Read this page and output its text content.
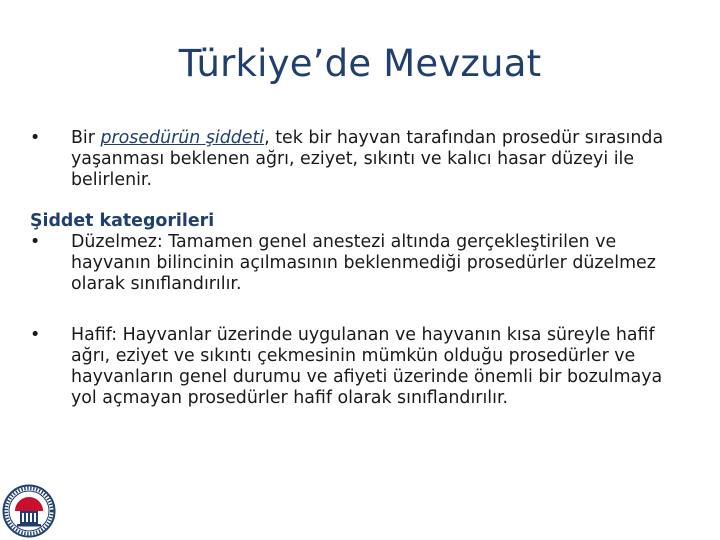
Türkiye’de Mevzuat
•	Bir prosedürün şiddeti, tek bir hayvan tarafından prosedür sırasında yaşanması beklenen ağrı, eziyet, sıkıntı ve kalıcı hasar düzeyi ile belirlenir.
Şiddet kategorileri
•	Düzelmez: Tamamen genel anestezi altında gerçekleştirilen ve hayvanın bilincinin açılmasının beklenmediği prosedürler düzelmez olarak sınıflandırılır.
•	Hafif: Hayvanlar üzerinde uygulanan ve hayvanın kısa süreyle hafif ağrı, eziyet ve sıkıntı çekmesinin mümkün olduğu prosedürler ve hayvanların genel durumu ve afiyeti üzerinde önemli bir bozulmaya yol açmayan prosedürler hafif olarak sınıflandırılır.
